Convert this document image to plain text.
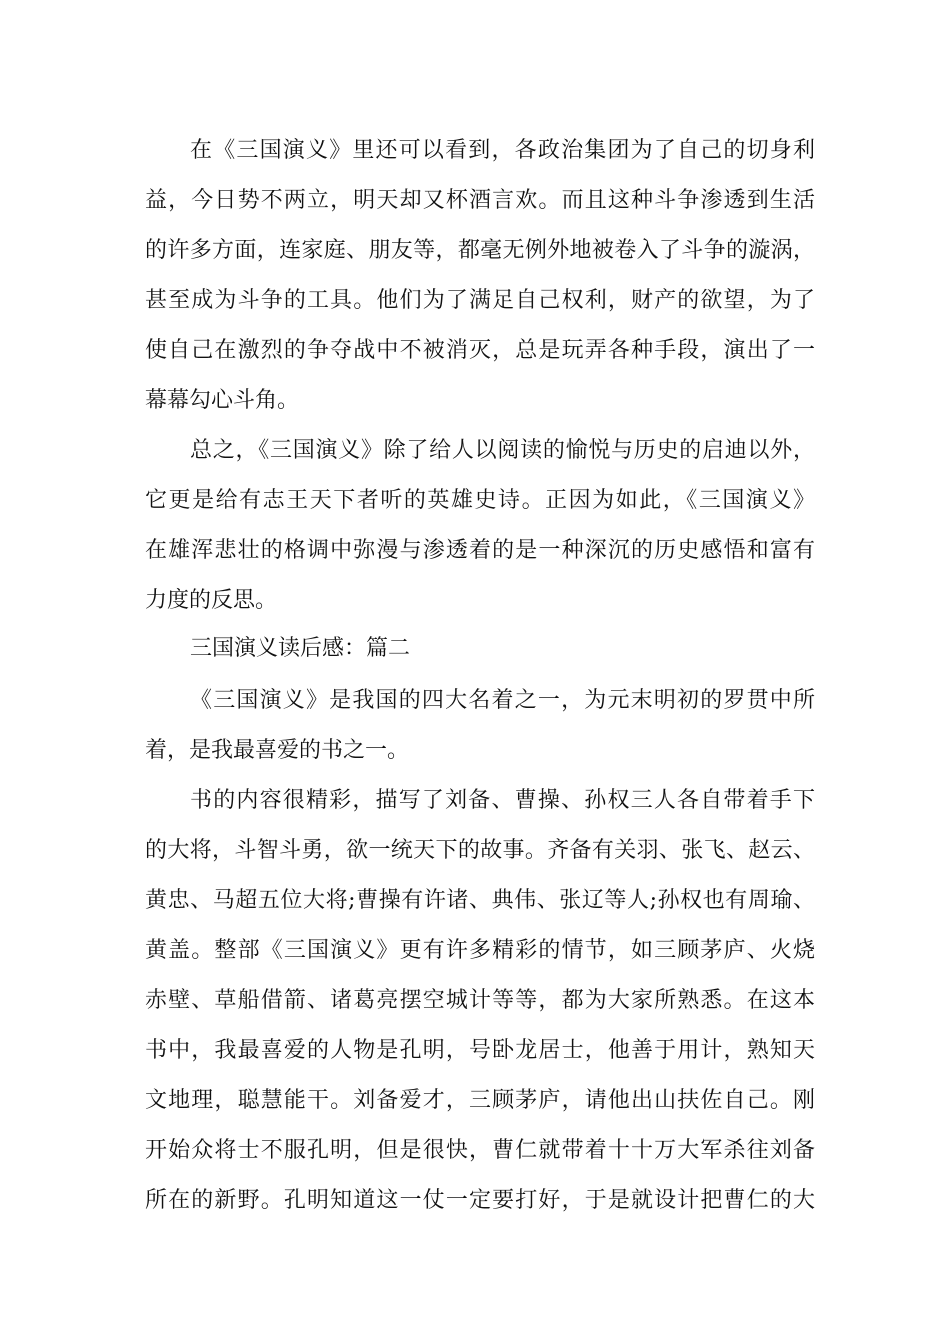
在《三国演义》里还可以看到，各政治集团为了自己的切身利

益，今日势不两立，明天却又杯酒言欢。而且这种斗争渗透到生活

的许多方面，连家庭、朋友等，都毫无例外地被卷入了斗争的漩涡，

甚至成为斗争的工具。他们为了满足自己权利，财产的欲望，为了

使自己在激烈的争夺战中不被消灭，总是玩弄各种手段，演出了一

幕幕勾心斗角。

总之，《三国演义》除了给人以阅读的愉悦与历史的启迪以外，

它更是给有志王天下者听的英雄史诗。正因为如此，《三国演义》

在雄浑悲壮的格调中弥漫与渗透着的是一种深沉的历史感悟和富有

力度的反思。

三国演义读后感：篇二

《三国演义》是我国的四大名着之一，为元末明初的罗贯中所

着，是我最喜爱的书之一。

书的内容很精彩，描写了刘备、曹操、孙权三人各自带着手下

的大将，斗智斗勇，欲一统天下的故事。齐备有关羽、张飞、赵云、

黄忠、马超五位大将;曹操有许诸、典伟、张辽等人;孙权也有周瑜、

黄盖。整部《三国演义》更有许多精彩的情节，如三顾茅庐、火烧

赤壁、草船借箭、诸葛亮摆空城计等等，都为大家所熟悉。在这本

书中，我最喜爱的人物是孔明，号卧龙居士，他善于用计，熟知天

文地理，聪慧能干。刘备爱才，三顾茅庐，请他出山扶佐自己。刚

开始众将士不服孔明，但是很快，曹仁就带着十十万大军杀往刘备

所在的新野。孔明知道这一仗一定要打好，于是就设计把曹仁的大
